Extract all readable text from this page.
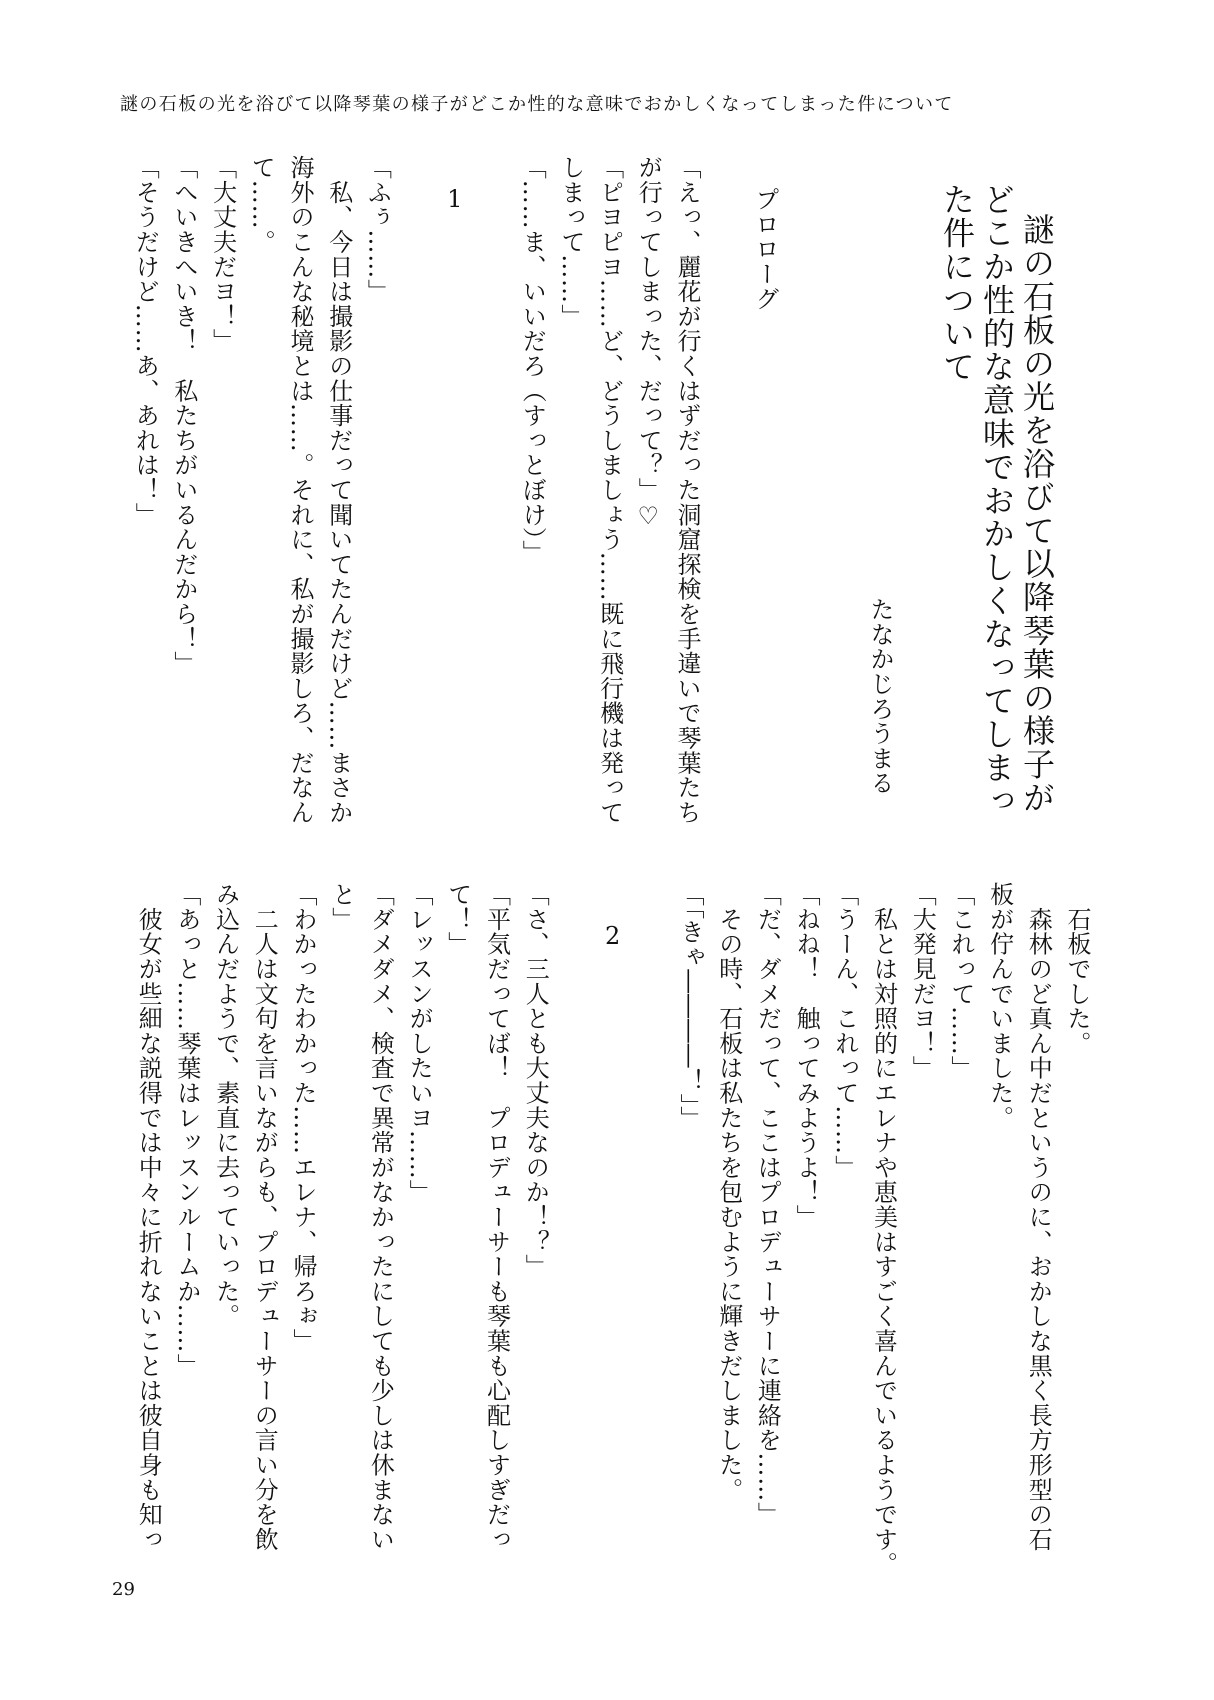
謎の石板の光を浴びて以降琴葉の様子がどこか性的な意味でおかしくなってしまった件について
謎の石板の光を浴びて以降琴葉の様子が
どこか性的な意味でおかしくなってしまっ
た件について
たなかじろうまる
プロローグ
「えっ、麗花が行くはずだった洞窟探検を手違いで琴葉たち
が行ってしまった、だって？」♡
「ピヨピヨ……ど、どうしましょう……既に飛行機は発って
しまって……」
「……ま、いいだろ（すっとぼけ）」
1
「ふぅ……」
　私、今日は撮影の仕事だって聞いてたんだけど……まさか
海外のこんな秘境とは……。それに、私が撮影しろ、だなん
て……。
「大丈夫だヨ！」
「へいきへいき！　私たちがいるんだから！」
「そうだけど……あ、あれは！」
　石板でした。
　森林のど真ん中だというのに、おかしな黒く長方形型の石
板が佇んでいました。
「これって……」
「大発見だヨ！」
　私とは対照的にエレナや恵美はすごく喜んでいるようです。
「うーん、これって……」
「ねね！　触ってみようよ！」
「だ、ダメだって、ここはプロデューサーに連絡を……」
　その時、石板は私たちを包むように輝きだしました。
「「きゃ――――！」」
2
「さ、三人とも大丈夫なのか！？」
「平気だってば！　プロデューサーも琴葉も心配しすぎだっ
て！」
「レッスンがしたいヨ……」
「ダメダメ、検査で異常がなかったにしても少しは休まない
と」
「わかったわかった……エレナ、帰ろぉ」
　二人は文句を言いながらも、プロデューサーの言い分を飲
み込んだようで、素直に去っていった。
「あっと……琴葉はレッスンルームか……」
　彼女が些細な説得では中々に折れないことは彼自身も知っ
29
